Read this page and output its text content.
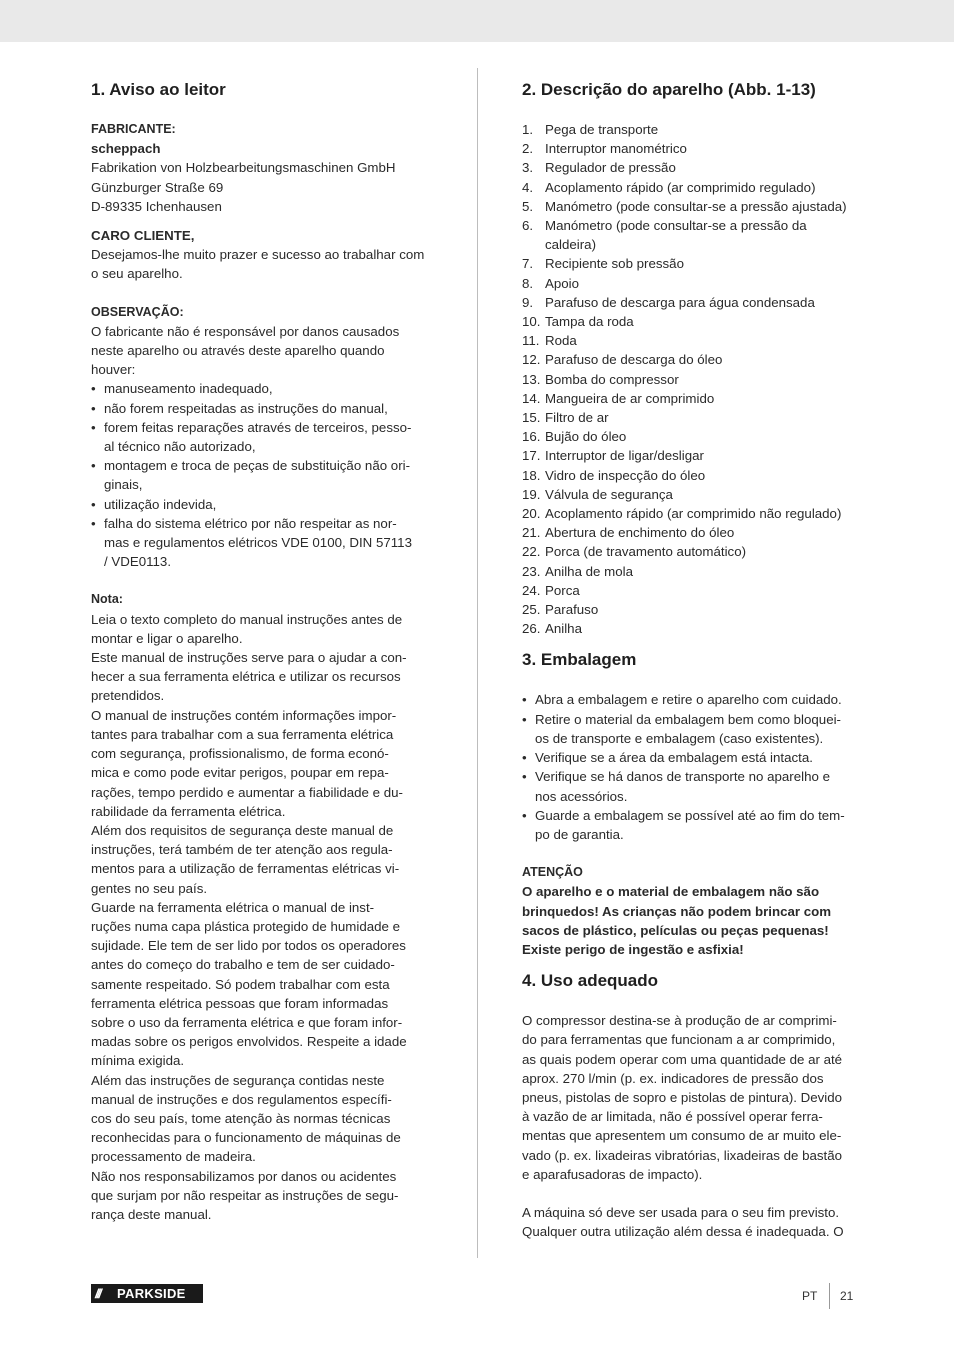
1. Aviso ao leitor
FABRICANTE:
scheppach

Fabrikation von Holzbearbeitungsmaschinen GmbH

Günzburger Straße 69

D-89335 Ichenhausen

CARO CLIENTE,

Desejamos-lhe muito prazer e sucesso ao trabalhar com

o seu aparelho.

OBSERVAÇÃO:

O fabricante não é responsável por danos causados

neste aparelho ou através deste aparelho quando

houver:

• manuseamento inadequado,
• não forem respeitadas as instruções do manual,
• forem feitas reparações através de terceiros, pesso-
al técnico não autorizado,
• montagem e troca de peças de substituição não ori-
ginais,
• utilização indevida,
• falha do sistema elétrico por não respeitar as nor-
mas e regulamentos elétricos VDE 0100, DIN 57113
/ VDE0113.
Nota:

Leia o texto completo do manual instruções antes de

montar e ligar o aparelho.

Este manual de instruções serve para o ajudar a con-

hecer a sua ferramenta elétrica e utilizar os recursos

pretendidos.

O manual de instruções contém informações impor-

tantes para trabalhar com a sua ferramenta elétrica

com segurança, profissionalismo, de forma econó-

mica e como pode evitar perigos, poupar em repa-

rações, tempo perdido e aumentar a fiabilidade e du-

rabilidade da ferramenta elétrica.

Além dos requisitos de segurança deste manual de

instruções, terá também de ter atenção aos regula-

mentos para a utilização de ferramentas elétricas vi-

gentes no seu país.

Guarde na ferramenta elétrica o manual de inst-

ruções numa capa plástica protegido de humidade e

sujidade. Ele tem de ser lido por todos os operadores

antes do começo do trabalho e tem de ser cuidado-

samente respeitado. Só podem trabalhar com esta

ferramenta elétrica pessoas que foram informadas

sobre o uso da ferramenta elétrica e que foram infor-

madas sobre os perigos envolvidos. Respeite a idade

mínima exigida.

Além das instruções de segurança contidas neste

manual de instruções e dos regulamentos específi-

cos do seu país, tome atenção às normas técnicas

reconhecidas para o funcionamento de máquinas de

processamento de madeira.

Não nos responsabilizamos por danos ou acidentes

que surjam por não respeitar as instruções de segu-

rança deste manual.

2. Descrição do aparelho (Abb. 1-13)
1. Pega de transporte
2. Interruptor manométrico
3. Regulador de pressão
4. Acoplamento rápido (ar comprimido regulado)
5. Manómetro (pode consultar-se a pressão ajustada)
6. Manómetro (pode consultar-se a pressão da
caldeira)
7. Recipiente sob pressão
8. Apoio
9. Parafuso de descarga para água condensada
10. Tampa da roda
11. Roda
12. Parafuso de descarga do óleo
13. Bomba do compressor
14. Mangueira de ar comprimido
15. Filtro de ar
16. Bujão do óleo
17. Interruptor de ligar/desligar
18. Vidro de inspecção do óleo
19. Válvula de segurança
20. Acoplamento rápido (ar comprimido não regulado)
21. Abertura de enchimento do óleo
22. Porca (de travamento automático)
23. Anilha de mola
24. Porca
25. Parafuso
26. Anilha
3. Embalagem
• Abra a embalagem e retire o aparelho com cuidado.
• Retire o material da embalagem bem como bloquei-
os de transporte e embalagem (caso existentes).
• Verifique se a área da embalagem está intacta.
• Verifique se há danos de transporte no aparelho e
nos acessórios.
• Guarde a embalagem se possível até ao fim do tem-
po de garantia.
ATENÇÃO

O aparelho e o material de embalagem não são

brinquedos! As crianças não podem brincar com

sacos de plástico, películas ou peças pequenas!

Existe perigo de ingestão e asfixia!

4. Uso adequado

O compressor destina-se à produção de ar comprimi-

do para ferramentas que funcionam a ar comprimido,

as quais podem operar com uma quantidade de ar até

aprox. 270 l/min (p. ex. indicadores de pressão dos

pneus, pistolas de sopro e pistolas de pintura). Devido

à vazão de ar limitada, não é possível operar ferra-

mentas que apresentem um consumo de ar muito ele-

vado (p. ex. lixadeiras vibratórias, lixadeiras de bastão

e aparafusadoras de impacto).

A máquina só deve ser usada para o seu fim previsto.

Qualquer outra utilização além dessa é inadequada. O

///	PARKSIDE	PT 21
